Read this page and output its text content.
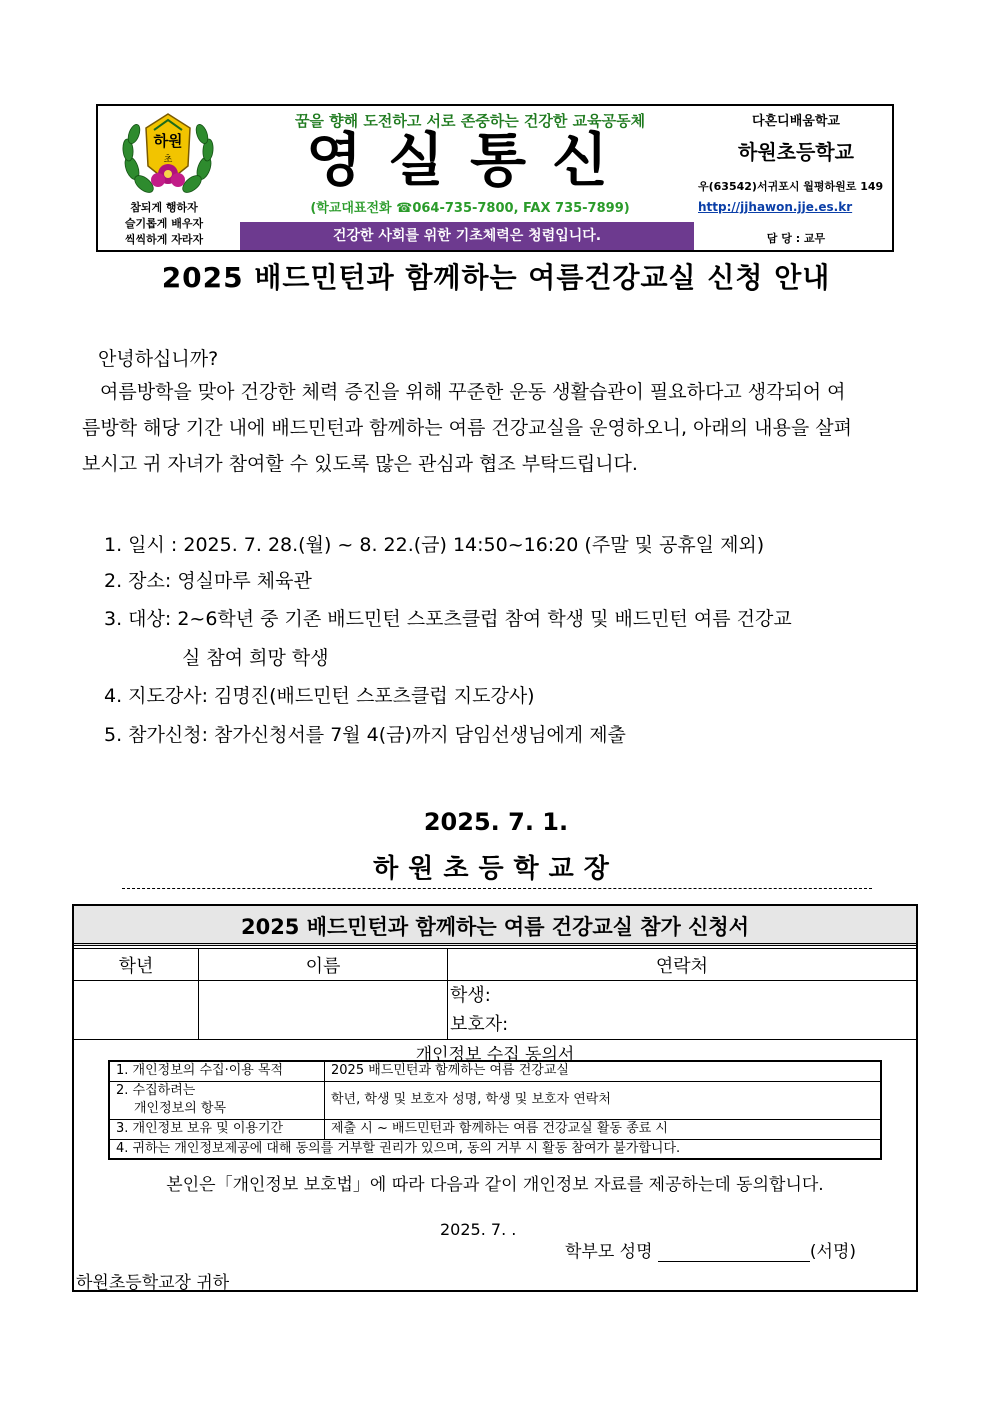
하원
초
참되게 행하자
슬기롭게 배우자
씩씩하게 자라자
꿈을 향해 도전하고 서로 존중하는 건강한 교육공동체
영실통신
(학교대표전화 ☎064-735-7800, FAX 735-7899)
건강한 사회를 위한 기초체력은 청렴입니다.
다혼디배움학교
하원초등학교
우(63542)서귀포시 월평하원로 149
http://jjhawon.jje.es.kr
담 당 : 교무
2025 배드민턴과 함께하는 여름건강교실 신청 안내
안녕하십니까?
여름방학을 맞아 건강한 체력 증진을 위해 꾸준한 운동 생활습관이 필요하다고 생각되어 여
름방학 해당 기간 내에 배드민턴과 함께하는 여름 건강교실을 운영하오니, 아래의 내용을 살펴
보시고 귀 자녀가 참여할 수 있도록 많은 관심과 협조 부탁드립니다.
1. 일시 : 2025. 7. 28.(월) ~ 8. 22.(금) 14:50~16:20 (주말 및 공휴일 제외)
2. 장소: 영실마루 체육관
3. 대상: 2~6학년 중 기존 배드민턴 스포츠클럽 참여 학생 및 배드민턴 여름 건강교
실 참여 희망 학생
4. 지도강사: 김명진(배드민턴 스포츠클럽 지도강사)
5. 참가신청: 참가신청서를 7월 4(금)까지 담임선생님에게 제출
2025. 7. 1.
하원초등학교장
2025 배드민턴과 함께하는 여름 건강교실 참가 신청서
학년	이름	연락처

		학생:
보호자:
개인정보 수집 동의서
1. 개인정보의 수집·이용 목적	2025 배드민턴과 함께하는 여름 건강교실

2. 수집하려는
개인정보의 항목	학년, 학생 및 보호자 성명, 학생 및 보호자 연락처
3. 개인정보 보유 및 이용기간	제출 시 ~ 배드민턴과 함께하는 여름 건강교실 활동 종료 시
4. 귀하는 개인정보제공에 대해 동의를 거부할 권리가 있으며, 동의 거부 시 활동 참여가 불가합니다.	
본인은「개인정보 보호법」에 따라 다음과 같이 개인정보 자료를 제공하는데 동의합니다.
2025. 7. .
학부모 성명	(서명)
하원초등학교장 귀하
